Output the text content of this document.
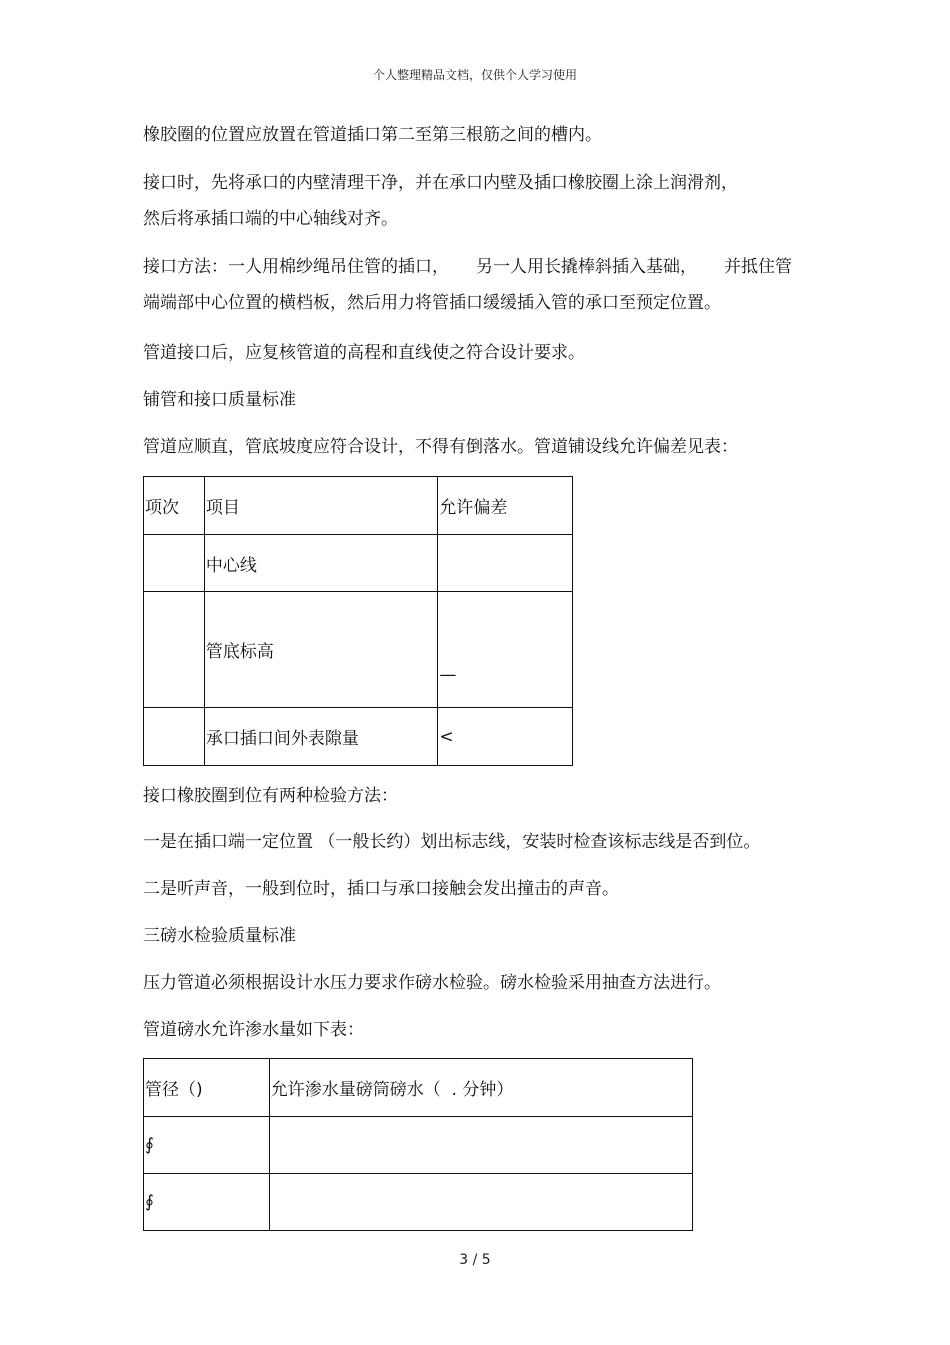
个人整理精品文档，仅供个人学习使用
橡胶圈的位置应放置在管道插口第二至第三根筋之间的槽内。
接口时，先将承口的内壁清理干净，并在承口内壁及插口橡胶圈上涂上润滑剂，
然后将承插口端的中心轴线对齐。
接口方法：一人用棉纱绳吊住管的插口，     另一人用长撬棒斜插入基础，     并抵住管
端端部中心位置的横档板，然后用力将管插口缓缓插入管的承口至预定位置。
管道接口后，应复核管道的高程和直线使之符合设计要求。
铺管和接口质量标准
管道应顺直，管底坡度应符合设计，不得有倒落水。管道铺设线允许偏差见表：
项次	项目	允许偏差
	中心线	
	管底标高	—
	承口插口间外表隙量	<
接口橡胶圈到位有两种检验方法：
一是在插口端一定位置 （一般长约）划出标志线，安装时检查该标志线是否到位。
二是听声音，一般到位时，插口与承口接触会发出撞击的声音。
三磅水检验质量标准
压力管道必须根据设计水压力要求作磅水检验。磅水检验采用抽查方法进行。
管道磅水允许渗水量如下表：
管径（)	允许渗水量磅筒磅水（  . 分钟）
∮	
∮	
3 / 5
